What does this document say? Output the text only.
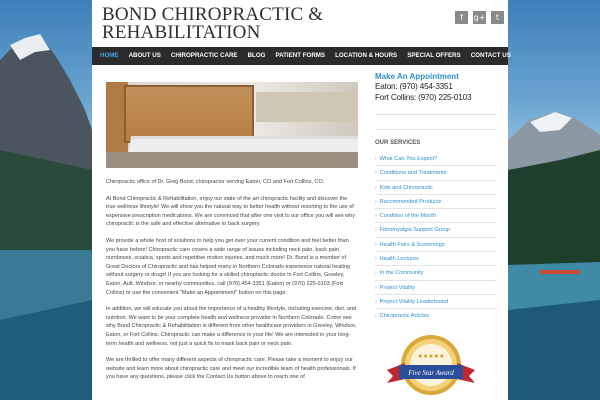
BOND CHIROPRACTIC & REHABILITATION
f	g+	t
HOME	ABOUT US	CHIROPRACTIC CARE	BLOG	PATIENT FORMS	LOCATION & HOURS	SPECIAL OFFERS	CONTACT US

Chiropractic office of Dr. Greg Bond, chiropractor serving Eaton, CO and Fort Collins, CO.

At Bond Chiropractic & Rehabilitation, enjoy our state of the art chiropractic facility and discover the true wellness lifestyle! We will show you the natural way to better health without resorting to the use of expensive prescription medications. We are convinced that after one visit to our office you will see why chiropractic is the safe and effective alternative to back surgery.

We provide a whole host of solutions to help you get over your current condition and feel better than you have before! Chiropractic care covers a wide range of issues including neck pain, back pain, numbness, sciatica, sports and repetitive motion injuries, and much more! Dr. Bond is a member of Great Doctors of Chiropractic and has helped many in Northern Colorado experience natural healing without surgery or drugs! If you are looking for a skilled chiropractic doctor in Fort Collins, Greeley, Eaton, Ault, Windsor, or nearby communities, call (970) 454-3351 (Eaton) or (970) 225-0103 (Fort Collins) or use the convenient "Make an Appointment" button on this page.

In addition, we will educate you about the importance of a healthy lifestyle, including exercise, diet, and nutrition. We want to be your complete health and wellness provider in Northern Colorado. Come see why Bond Chiropractic & Rehabilitation is different from other healthcare providers in Greeley, Windsor, Eaton, or Fort Collins. Chiropractic can make a difference in your life! We are interested in your long-term health and wellness, not just a quick fix to mask back pain or neck pain.

We are thrilled to offer many different aspects of chiropractic care. Please take a moment to enjoy our website and learn more about chiropractic care and meet our incredible team of health professionals. If you have any questions, please click the Contact Us button above to reach one of

Make An Appointment
Eaton: (970) 454-3351
Fort Collins: (970) 225-0103
OUR SERVICES
› What Can You Expect?
› Conditions and Treatments
› Kids and Chiropractic
› Recommended Products
› Condition of the Month
› Fibromyalgia Support Group
› Health Fairs & Screenings
› Health Lectures
› In the Community
› Project Vitality
› Project Vitality Leaderboard
› Chiropractic Articles
Five Star Award
★★★★★
